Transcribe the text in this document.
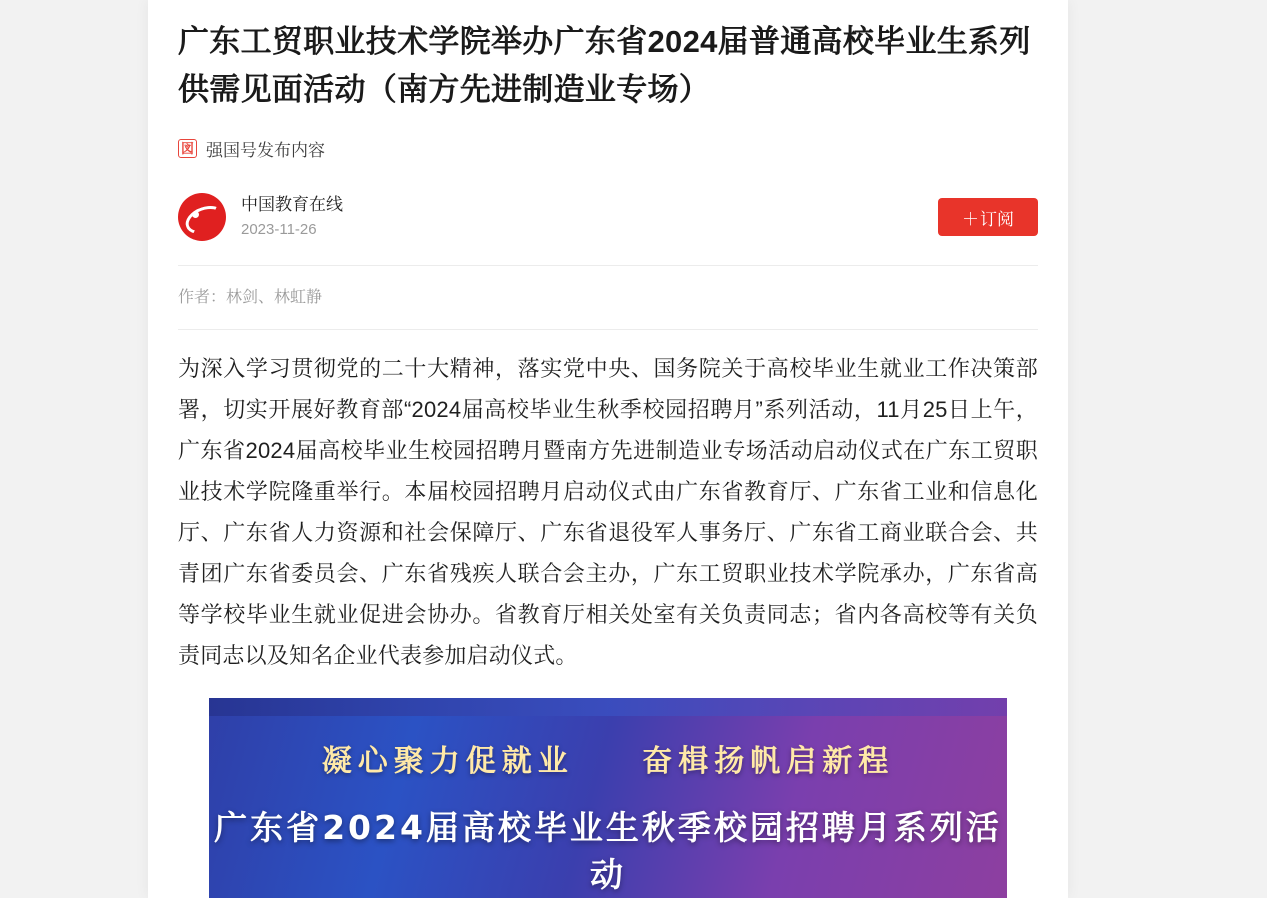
广东工贸职业技术学院举办广东省2024届普通高校毕业生系列供需见面活动（南方先进制造业专场）
図 强国号发布内容
中国教育在线
2023-11-26
＋ 订阅
作者：林剑、林虹静

为深入学习贯彻党的二十大精神，落实党中央、国务院关于高校毕业生就业工作决策部署，切实开展好教育部“2024届高校毕业生秋季校园招聘月”系列活动，11月25日上午，广东省2024届高校毕业生校园招聘月暨南方先进制造业专场活动启动仪式在广东工贸职业技术学院隆重举行。本届校园招聘月启动仪式由广东省教育厅、广东省工业和信息化厅、广东省人力资源和社会保障厅、广东省退役军人事务厅、广东省工商业联合会、共青团广东省委员会、广东省残疾人联合会主办，广东工贸职业技术学院承办，广东省高等学校毕业生就业促进会协办。省教育厅相关处室有关负责同志；省内各高校等有关负责同志以及知名企业代表参加启动仪式。

凝心聚力促就业 奋楫扬帆启新程
广东省2024届高校毕业生秋季校园招聘月系列活动
